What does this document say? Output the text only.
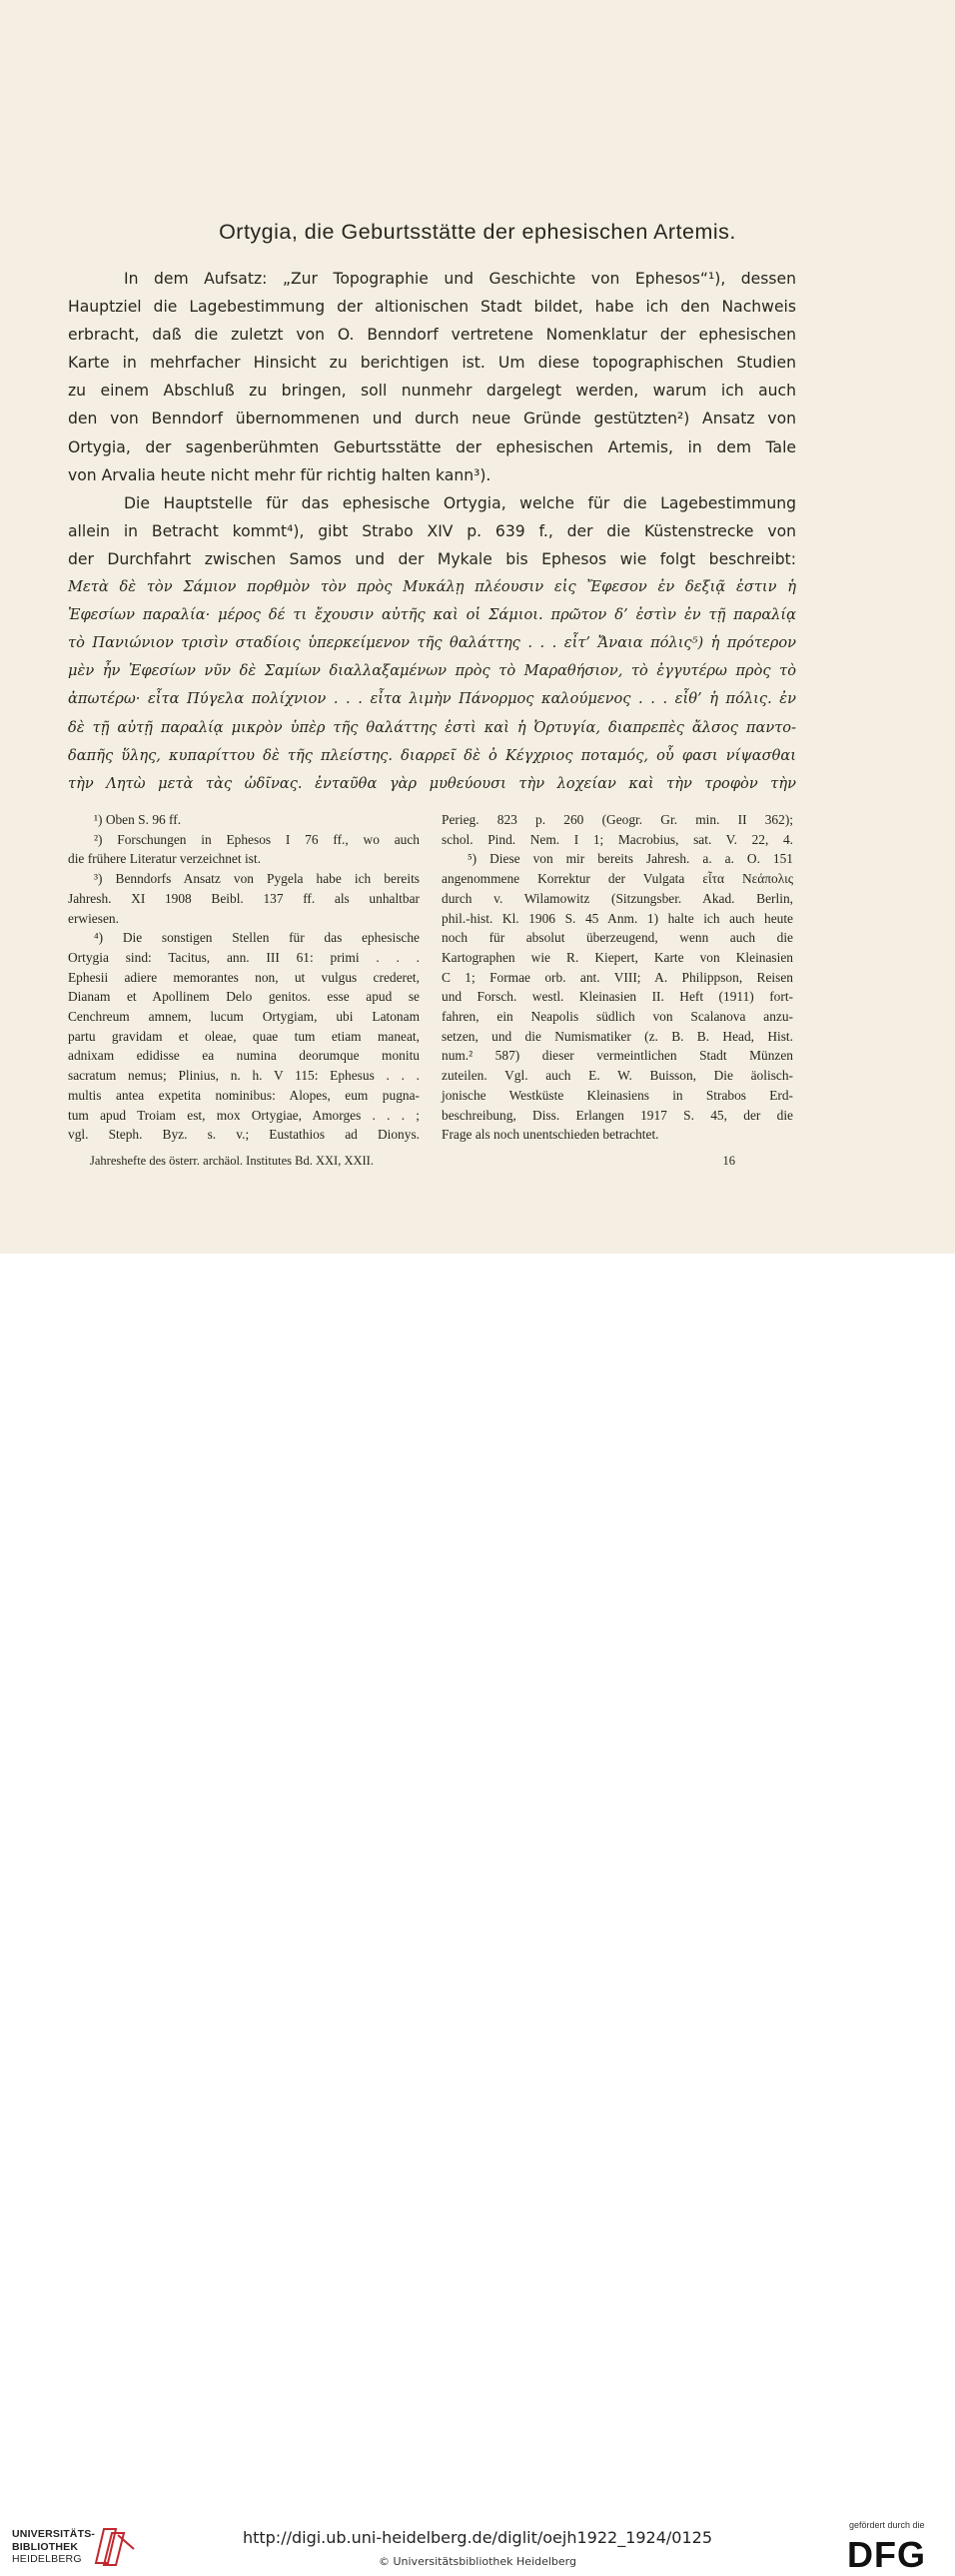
Ortygia, die Geburtsstätte der ephesischen Artemis.
In dem Aufsatz: „Zur Topographie und Geschichte von Ephesos“¹), dessen
Hauptziel die Lagebestimmung der altionischen Stadt bildet, habe ich den Nachweis
erbracht, daß die zuletzt von O. Benndorf vertretene Nomenklatur der ephesischen
Karte in mehrfacher Hinsicht zu berichtigen ist. Um diese topographischen Studien
zu einem Abschluß zu bringen, soll nunmehr dargelegt werden, warum ich auch
den von Benndorf übernommenen und durch neue Gründe gestützten²) Ansatz von
Ortygia, der sagenberühmten Geburtsstätte der ephesischen Artemis, in dem Tale
von Arvalia heute nicht mehr für richtig halten kann³).
Die Hauptstelle für das ephesische Ortygia, welche für die Lagebestimmung
allein in Betracht kommt⁴), gibt Strabo XIV p. 639 f., der die Küstenstrecke von
der Durchfahrt zwischen Samos und der Mykale bis Ephesos wie folgt beschreibt:
Μετὰ δὲ τὸν Σάμιον πορθμὸν τὸν πρὸς Μυκάλῃ πλέουσιν εἰς Ἔφεσον ἐν δεξιᾷ ἐστιν ἡ
Ἐφεσίων παραλία· μέρος δέ τι ἔχουσιν αὐτῆς καὶ οἱ Σάμιοι. πρῶτον δ’ ἐστὶν ἐν τῇ παραλίᾳ
τὸ Πανιώνιον τρισὶν σταδίοις ὑπερκείμενον τῆς θαλάττης . . . εἶτ’ Ἄναια πόλις⁵) ἡ πρότερον
μὲν ἦν Ἐφεσίων νῦν δὲ Σαμίων διαλλαξαμένων πρὸς τὸ Μαραθήσιον, τὸ ἐγγυτέρω πρὸς τὸ
ἀπωτέρω· εἶτα Πύγελα πολίχνιον . . . εἶτα λιμὴν Πάνορμος καλούμενος . . . εἶθ’ ἡ πόλις. ἐν
δὲ τῇ αὐτῇ παραλίᾳ μικρὸν ὑπὲρ τῆς θαλάττης ἐστὶ καὶ ἡ Ὀρτυγία, διαπρεπὲς ἄλσος παντο-
δαπῆς ὕλης, κυπαρίττου δὲ τῆς πλείστης. διαρρεῖ δὲ ὁ Κέγχριος ποταμός, οὗ φασι νίψασθαι
τὴν Λητὼ μετὰ τὰς ὠδῖνας. ἐνταῦθα γὰρ μυθεύουσι τὴν λοχείαν καὶ τὴν τροφὸν τὴν
¹) Oben S. 96 ff.
²) Forschungen in Ephesos I 76 ff., wo auch
die frühere Literatur verzeichnet ist.
³) Benndorfs Ansatz von Pygela habe ich bereits
Jahresh. XI 1908 Beibl. 137 ff. als unhaltbar
erwiesen.
⁴) Die sonstigen Stellen für das ephesische
Ortygia sind: Tacitus, ann. III 61: primi . . .
Ephesii adiere memorantes non, ut vulgus crederet,
Dianam et Apollinem Delo genitos. esse apud se
Cenchreum amnem, lucum Ortygiam, ubi Latonam
partu gravidam et oleae, quae tum etiam maneat,
adnixam edidisse ea numina deorumque monitu
sacratum nemus; Plinius, n. h. V 115: Ephesus . . .
multis antea expetita nominibus: Alopes, eum pugna-
tum apud Troiam est, mox Ortygiae, Amorges . . . ;
vgl. Steph. Byz. s. v.; Eustathios ad Dionys.
Perieg. 823 p. 260 (Geogr. Gr. min. II 362);
schol. Pind. Nem. I 1; Macrobius, sat. V. 22, 4.
⁵) Diese von mir bereits Jahresh. a. a. O. 151
angenommene Korrektur der Vulgata εἶτα Νεάπολις
durch v. Wilamowitz (Sitzungsber. Akad. Berlin,
phil.-hist. Kl. 1906 S. 45 Anm. 1) halte ich auch heute
noch für absolut überzeugend, wenn auch die
Kartographen wie R. Kiepert, Karte von Kleinasien
C 1; Formae orb. ant. VIII; A. Philippson, Reisen
und Forsch. westl. Kleinasien II. Heft (1911) fort-
fahren, ein Neapolis südlich von Scalanova anzu-
setzen, und die Numismatiker (z. B. B. Head, Hist.
num.² 587) dieser vermeintlichen Stadt Münzen
zuteilen. Vgl. auch E. W. Buisson, Die äolisch-
jonische Westküste Kleinasiens in Strabos Erd-
beschreibung, Diss. Erlangen 1917 S. 45, der die
Frage als noch unentschieden betrachtet.
Jahreshefte des österr. archäol. Institutes Bd. XXI, XXII.	16
UNIVERSITÄTS-
BIBLIOTHEK
HEIDELBERG
http://digi.ub.uni-heidelberg.de/diglit/oejh1922_1924/0125
© Universitätsbibliothek Heidelberg
gefördert durch die
DFG
